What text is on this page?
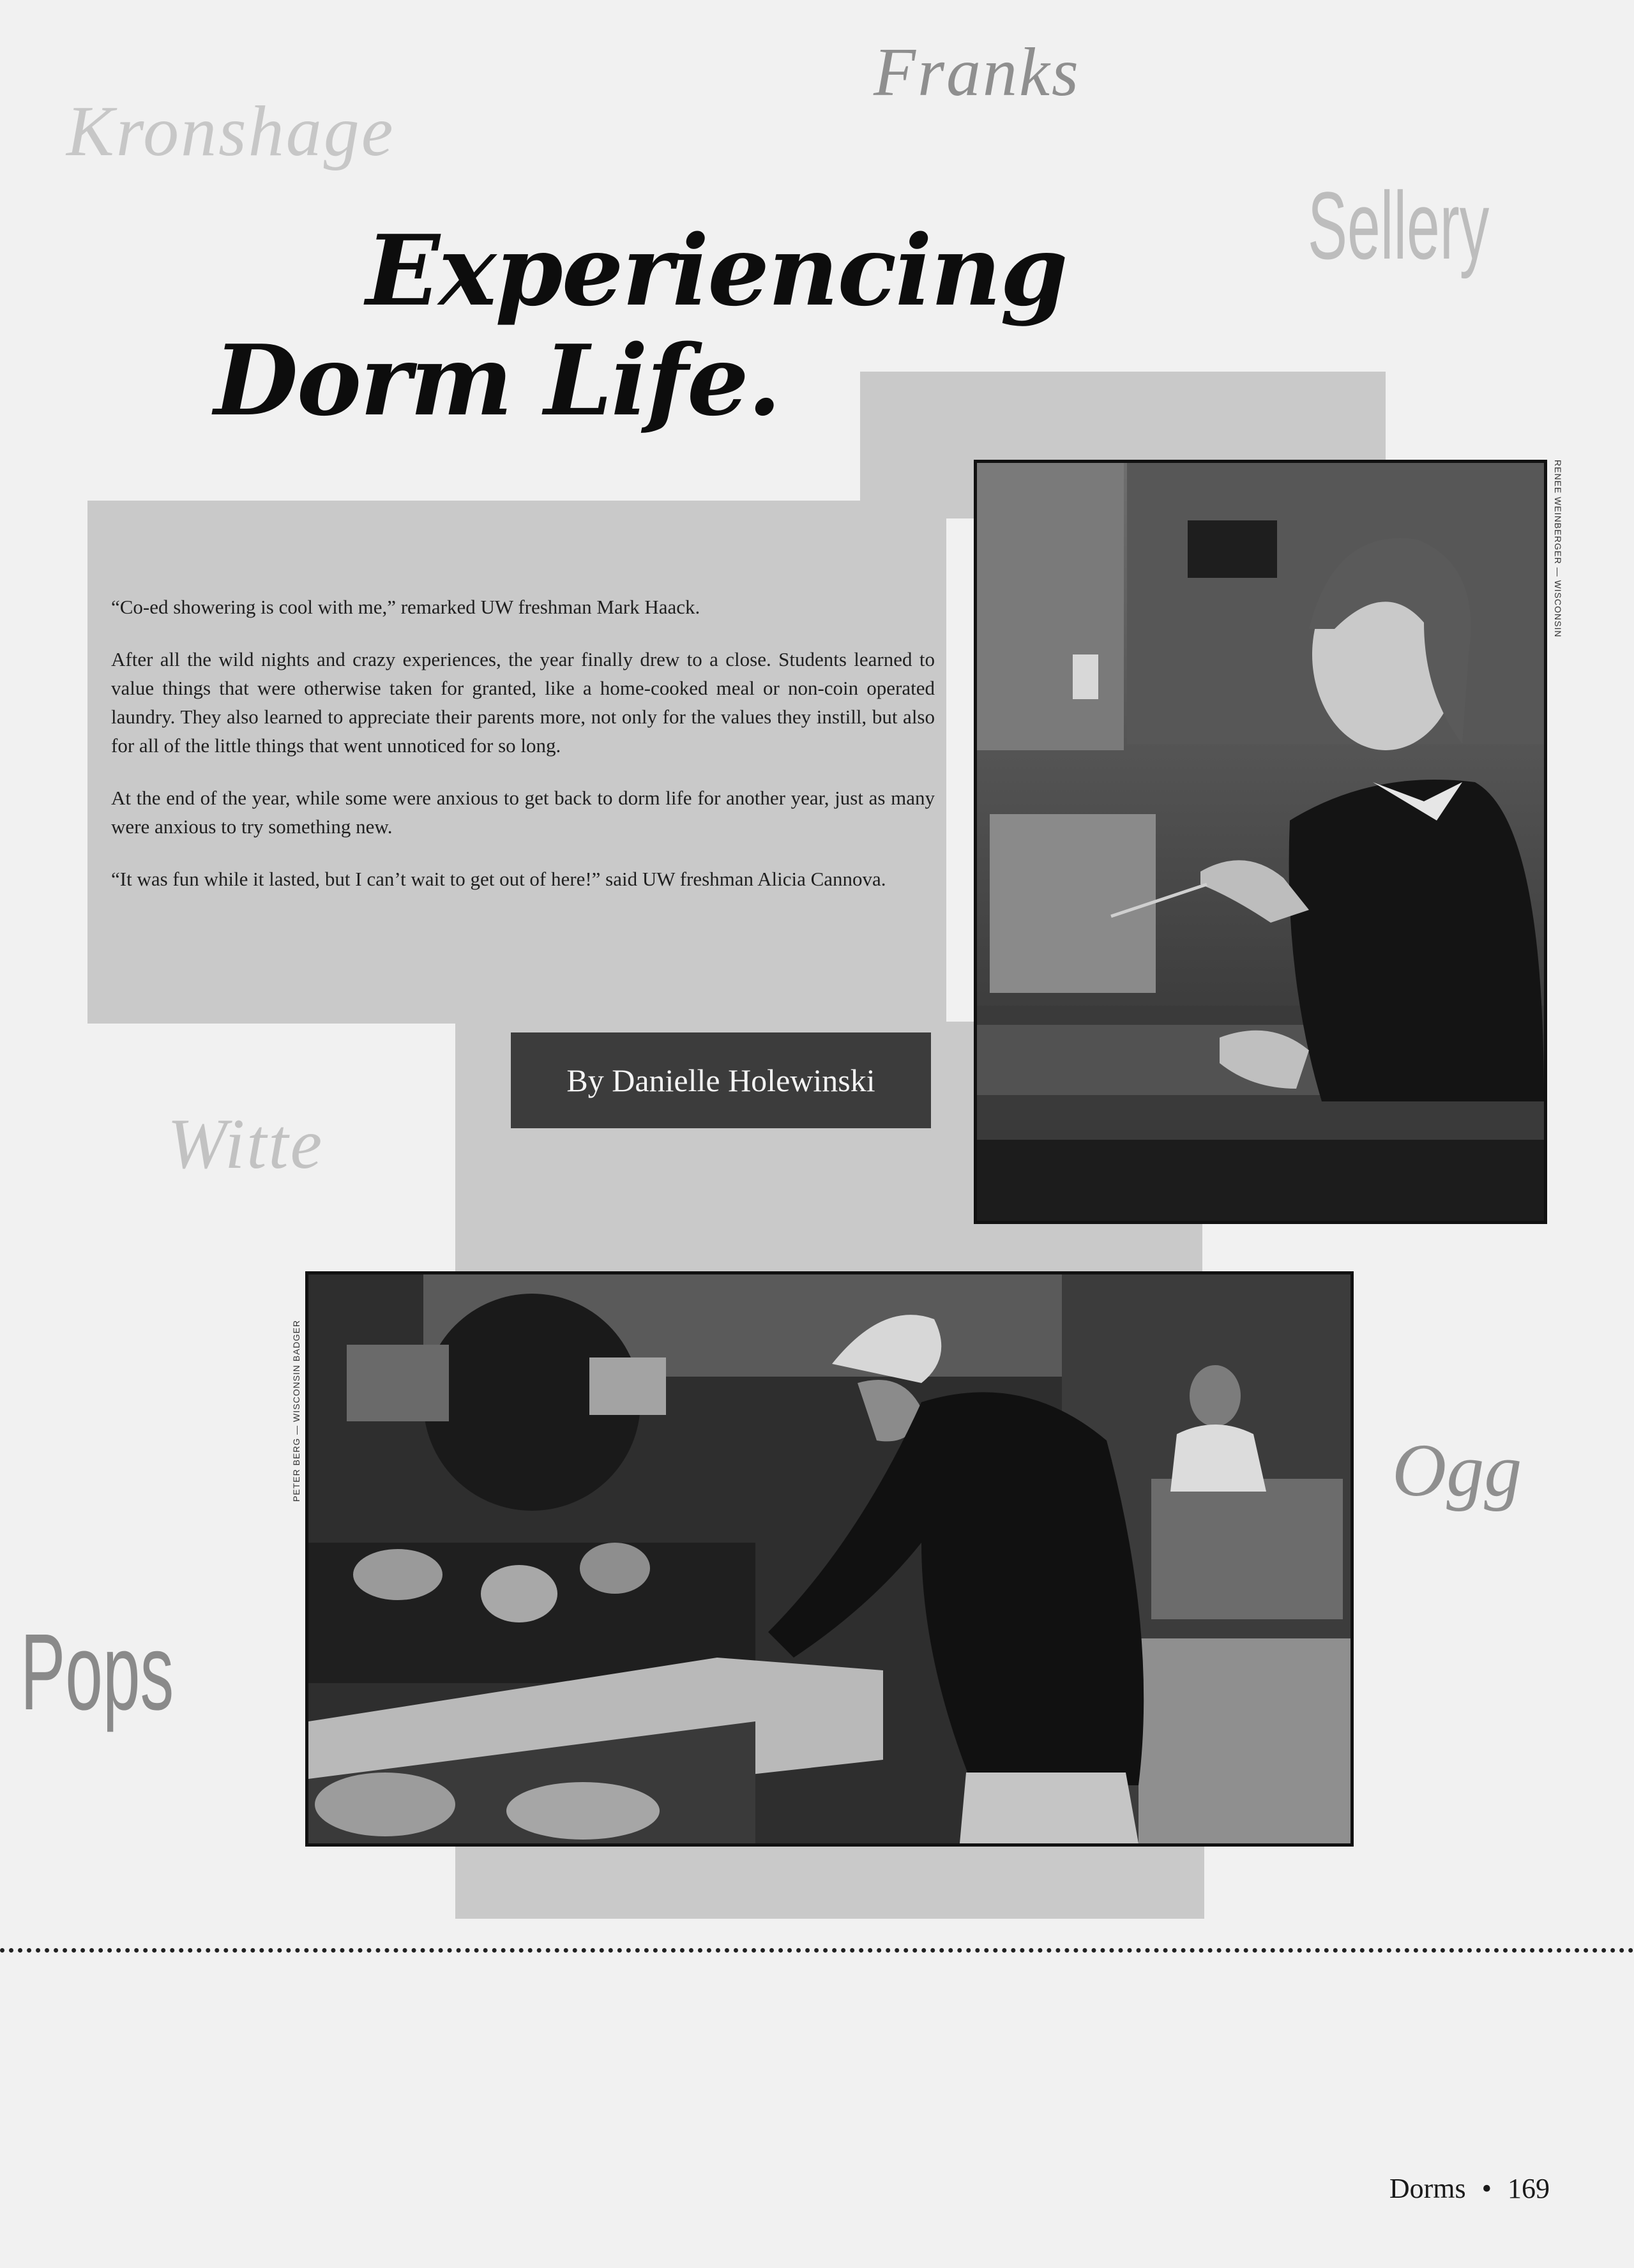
Kronshage
Franks
Sellery
Witte
Ogg
Pops
Experiencing
Dorm Life.

“Co-ed showering is cool with me,” remarked UW freshman Mark Haack.

After all the wild nights and crazy experiences, the year finally drew to a close. Students learned to value things that were otherwise taken for granted, like a home-cooked meal or non-coin operated laundry. They also learned to appreciate their parents more, not only for the values they instill, but also for all of the little things that went unnoticed for so long.

At the end of the year, while some were anxious to get back to dorm life for another year, just as many were anxious to try something new.

“It was fun while it lasted, but I can’t wait to get out of here!” said UW freshman Alicia Cannova.

By Danielle Holewinski
RENEE WEINBERGER — WISCONSIN
PETER BERG — WISCONSIN BADGER
Dorms • 169
